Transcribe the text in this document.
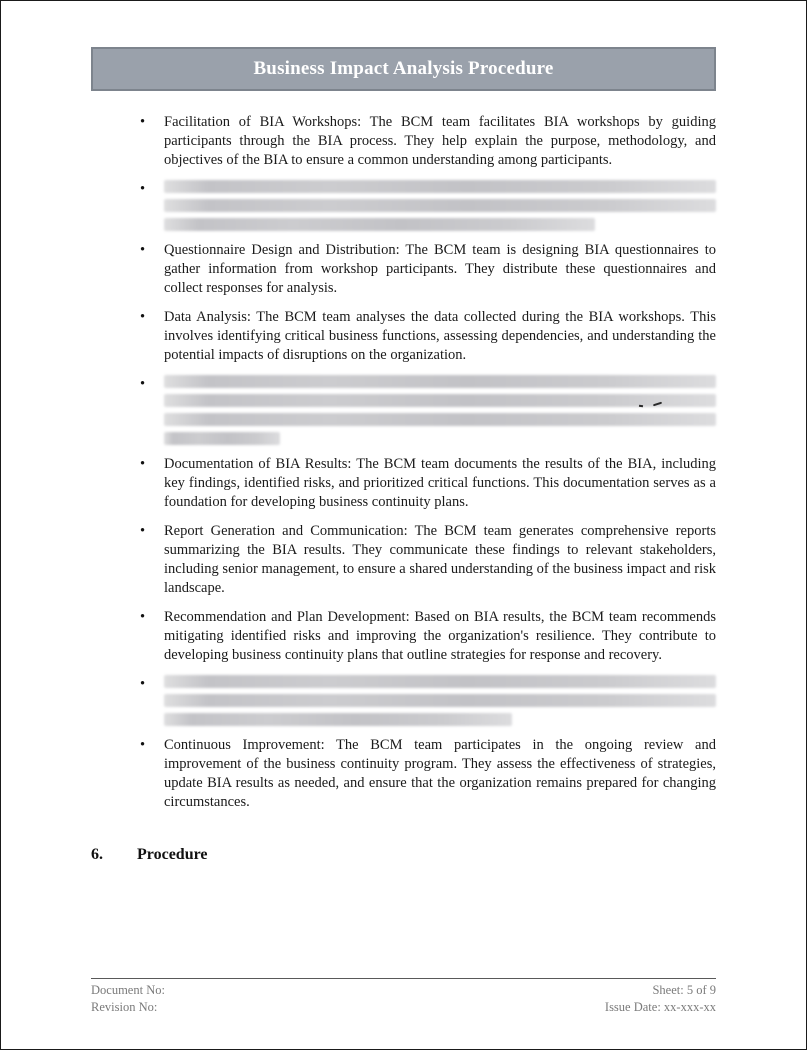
Business Impact Analysis Procedure
• Facilitation of BIA Workshops: The BCM team facilitates BIA workshops by guiding participants through the BIA process. They help explain the purpose, methodology, and objectives of the BIA to ensure a common understanding among participants.
•
• Questionnaire Design and Distribution: The BCM team is designing BIA questionnaires to gather information from workshop participants. They distribute these questionnaires and collect responses for analysis.
• Data Analysis: The BCM team analyses the data collected during the BIA workshops. This involves identifying critical business functions, assessing dependencies, and understanding the potential impacts of disruptions on the organization.
•
• Documentation of BIA Results: The BCM team documents the results of the BIA, including key findings, identified risks, and prioritized critical functions. This documentation serves as a foundation for developing business continuity plans.
• Report Generation and Communication: The BCM team generates comprehensive reports summarizing the BIA results. They communicate these findings to relevant stakeholders, including senior management, to ensure a shared understanding of the business impact and risk landscape.
• Recommendation and Plan Development: Based on BIA results, the BCM team recommends mitigating identified risks and improving the organization's resilience. They contribute to developing business continuity plans that outline strategies for response and recovery.
•
• Continuous Improvement: The BCM team participates in the ongoing review and improvement of the business continuity program. They assess the effectiveness of strategies, update BIA results as needed, and ensure that the organization remains prepared for changing circumstances.
6.	Procedure
Document No:
Revision No:
Sheet: 5 of 9
Issue Date: xx-xxx-xx
